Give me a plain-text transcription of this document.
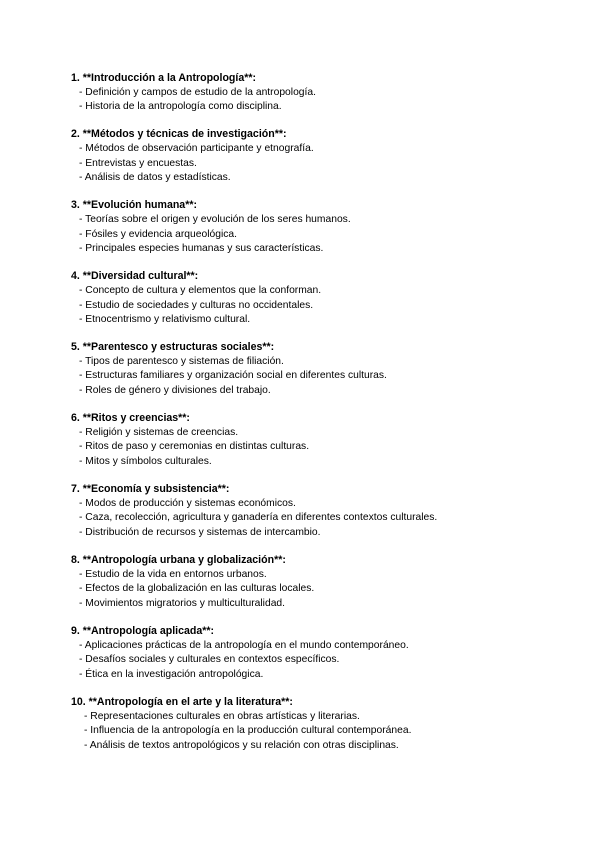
1. **Introducción a la Antropología**:
- Definición y campos de estudio de la antropología.
- Historia de la antropología como disciplina.
2. **Métodos y técnicas de investigación**:
- Métodos de observación participante y etnografía.
- Entrevistas y encuestas.
- Análisis de datos y estadísticas.
3. **Evolución humana**:
- Teorías sobre el origen y evolución de los seres humanos.
- Fósiles y evidencia arqueológica.
- Principales especies humanas y sus características.
4. **Diversidad cultural**:
- Concepto de cultura y elementos que la conforman.
- Estudio de sociedades y culturas no occidentales.
- Etnocentrismo y relativismo cultural.
5. **Parentesco y estructuras sociales**:
- Tipos de parentesco y sistemas de filiación.
- Estructuras familiares y organización social en diferentes culturas.
- Roles de género y divisiones del trabajo.
6. **Ritos y creencias**:
- Religión y sistemas de creencias.
- Ritos de paso y ceremonias en distintas culturas.
- Mitos y símbolos culturales.
7. **Economía y subsistencia**:
- Modos de producción y sistemas económicos.
- Caza, recolección, agricultura y ganadería en diferentes contextos culturales.
- Distribución de recursos y sistemas de intercambio.
8. **Antropología urbana y globalización**:
- Estudio de la vida en entornos urbanos.
- Efectos de la globalización en las culturas locales.
- Movimientos migratorios y multiculturalidad.
9. **Antropología aplicada**:
- Aplicaciones prácticas de la antropología en el mundo contemporáneo.
- Desafíos sociales y culturales en contextos específicos.
- Ética en la investigación antropológica.
10. **Antropología en el arte y la literatura**:
- Representaciones culturales en obras artísticas y literarias.
- Influencia de la antropología en la producción cultural contemporánea.
- Análisis de textos antropológicos y su relación con otras disciplinas.
